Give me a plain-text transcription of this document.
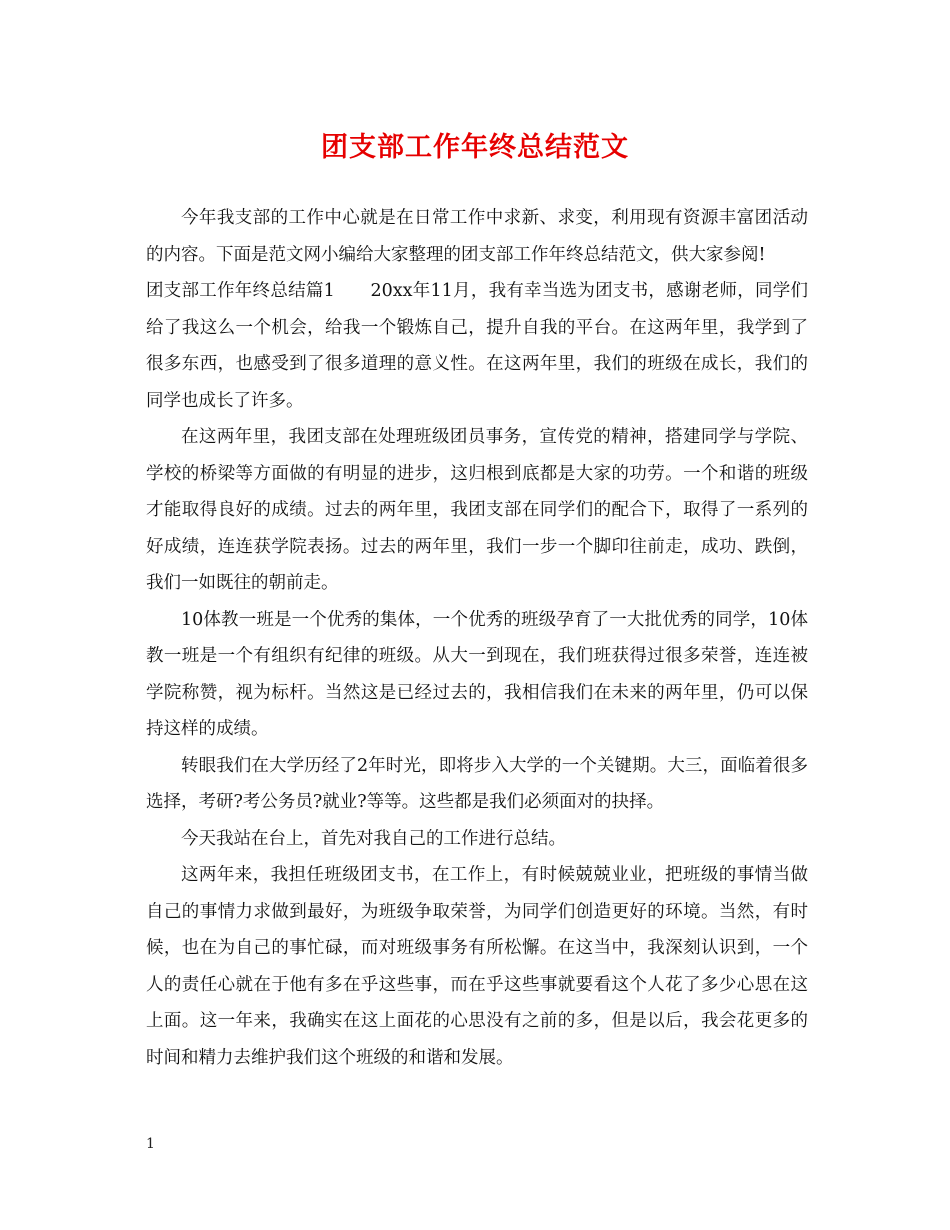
团支部工作年终总结范文

今年我支部的工作中心就是在日常工作中求新、求变，利用现有资源丰富团活动的内容。下面是范文网小编给大家整理的团支部工作年终总结范文，供大家参阅!

团支部工作年终总结篇1　　20xx年11月，我有幸当选为团支书，感谢老师，同学们给了我这么一个机会，给我一个锻炼自己，提升自我的平台。在这两年里，我学到了很多东西，也感受到了很多道理的意义性。在这两年里，我们的班级在成长，我们的同学也成长了许多。

在这两年里，我团支部在处理班级团员事务，宣传党的精神，搭建同学与学院、学校的桥梁等方面做的有明显的进步，这归根到底都是大家的功劳。一个和谐的班级才能取得良好的成绩。过去的两年里，我团支部在同学们的配合下，取得了一系列的好成绩，连连获学院表扬。过去的两年里，我们一步一个脚印往前走，成功、跌倒，我们一如既往的朝前走。

10体教一班是一个优秀的集体，一个优秀的班级孕育了一大批优秀的同学，10体教一班是一个有组织有纪律的班级。从大一到现在，我们班获得过很多荣誉，连连被学院称赞，视为标杆。当然这是已经过去的，我相信我们在未来的两年里，仍可以保持这样的成绩。

转眼我们在大学历经了2年时光，即将步入大学的一个关键期。大三，面临着很多选择，考研?考公务员?就业?等等。这些都是我们必须面对的抉择。

今天我站在台上，首先对我自己的工作进行总结。

这两年来，我担任班级团支书，在工作上，有时候兢兢业业，把班级的事情当做自己的事情力求做到最好，为班级争取荣誉，为同学们创造更好的环境。当然，有时候，也在为自己的事忙碌，而对班级事务有所松懈。在这当中，我深刻认识到，一个人的责任心就在于他有多在乎这些事，而在乎这些事就要看这个人花了多少心思在这上面。这一年来，我确实在这上面花的心思没有之前的多，但是以后，我会花更多的时间和精力去维护我们这个班级的和谐和发展。

1
